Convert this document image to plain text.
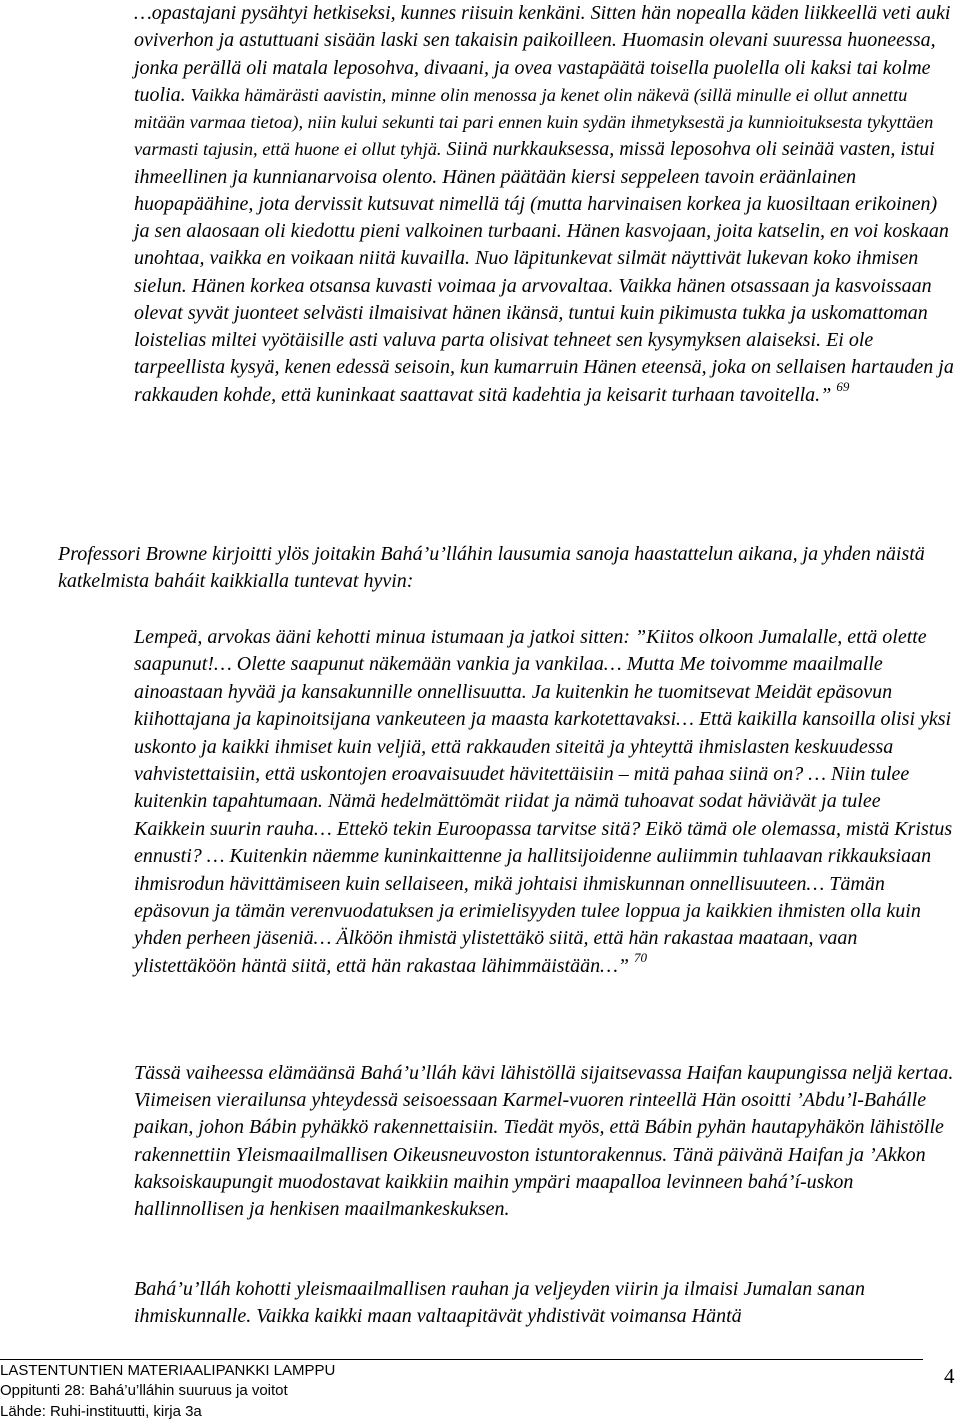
…opastajani pysähtyi hetkiseksi, kunnes riisuin kenkäni. Sitten hän nopealla käden liikkeellä veti auki oviverhon ja astuttuani sisään laski sen takaisin paikoilleen. Huomasin olevani suuressa huoneessa, jonka perällä oli matala leposohva, divaani, ja ovea vastapäätä toisella puolella oli kaksi tai kolme tuolia. Vaikka hämärästi aavistin, minne olin menossa ja kenet olin näkevä (sillä minulle ei ollut annettu mitään varmaa tietoa), niin kului sekunti tai pari ennen kuin sydän ihmetyksestä ja kunnioituksesta tykyttäen varmasti tajusin, että huone ei ollut tyhjä. Siinä nurkkauksessa, missä leposohva oli seinää vasten, istui ihmeellinen ja kunnianarvoisa olento. Hänen päätään kiersi seppeleen tavoin eräänlainen huopapäähine, jota dervissit kutsuvat nimellä táj (mutta harvinaisen korkea ja kuosiltaan erikoinen) ja sen alaosaan oli kiedottu pieni valkoinen turbaani. Hänen kasvojaan, joita katselin, en voi koskaan unohtaa, vaikka en voikaan niitä kuvailla. Nuo läpitunkevat silmät näyttivät lukevan koko ihmisen sielun. Hänen korkea otsansa kuvasti voimaa ja arvovaltaa. Vaikka hänen otsassaan ja kasvoissaan olevat syvät juonteet selvästi ilmaisivat hänen ikänsä, tuntui kuin pikimusta tukka ja uskomattoman loistelias miltei vyötäisille asti valuva parta olisivat tehneet sen kysymyksen alaiseksi. Ei ole tarpeellista kysyä, kenen edessä seisoin, kun kumarruin Hänen eteensä, joka on sellaisen hartauden ja rakkauden kohde, että kuninkaat saattavat sitä kadehtia ja keisarit turhaan tavoitella.” $^{69}$

Professori Browne kirjoitti ylös joitakin Bahá’u’lláhin lausumia sanoja haastattelun aikana, ja yhden näistä katkelmista baháit kaikkialla tuntevat hyvin:

Lempeä, arvokas ääni kehotti minua istumaan ja jatkoi sitten: ”Kiitos olkoon Jumalalle, että olette saapunut!… Olette saapunut näkemään vankia ja vankilaa… Mutta Me toivomme maailmalle ainoastaan hyvää ja kansakunnille onnellisuutta. Ja kuitenkin he tuomitsevat Meidät epäsovun kiihottajana ja kapinoitsijana vankeuteen ja maasta karkotettavaksi… Että kaikilla kansoilla olisi yksi uskonto ja kaikki ihmiset kuin veljiä, että rakkauden siteitä ja yhteyttä ihmislasten keskuudessa vahvistettaisiin, että uskontojen eroavaisuudet hävitettäisiin – mitä pahaa siinä on? … Niin tulee kuitenkin tapahtumaan. Nämä hedelmättömät riidat ja nämä tuhoavat sodat häviävät ja tulee Kaikkein suurin rauha… Ettekö tekin Euroopassa tarvitse sitä? Eikö tämä ole olemassa, mistä Kristus ennusti? … Kuitenkin näemme kuninkaittenne ja hallitsijoidenne auliimmin tuhlaavan rikkauksiaan ihmisrodun hävittämiseen kuin sellaiseen, mikä johtaisi ihmiskunnan onnellisuuteen… Tämän epäsovun ja tämän verenvuodatuksen ja erimielisyyden tulee loppua ja kaikkien ihmisten olla kuin yhden perheen jäseniä… Älköön ihmistä ylistettäkö siitä, että hän rakastaa maataan, vaan ylistettäköön häntä siitä, että hän rakastaa lähimmäistään…” $^{70}$

Tässä vaiheessa elämäänsä Bahá’u’lláh kävi lähistöllä sijaitsevassa Haifan kaupungissa neljä kertaa. Viimeisen vierailunsa yhteydessä seisoessaan Karmel-vuoren rinteellä Hän osoitti ’Abdu’l-Bahálle paikan, johon Bábin pyhäkkö rakennettaisiin. Tiedät myös, että Bábin pyhän hautapyhäkön lähistölle rakennettiin Yleismaailmallisen Oikeusneuvoston istuntorakennus. Tänä päivänä Haifan ja ’Akkon kaksoiskaupungit muodostavat kaikkiin maihin ympäri maapalloa levinneen bahá’í-uskon hallinnollisen ja henkisen maailmankeskuksen.

Bahá’u’lláh kohotti yleismaailmallisen rauhan ja veljeyden viirin ja ilmaisi Jumalan sanan ihmiskunnalle. Vaikka kaikki maan valtaapitävät yhdistivät voimansa Häntä

LASTENTUNTIEN MATERIAALIPANKKI LAMPPU
Oppitunti 28: Bahá’u’lláhin suuruus ja voitot
Lähde: Ruhi-instituutti, kirja 3a
4
